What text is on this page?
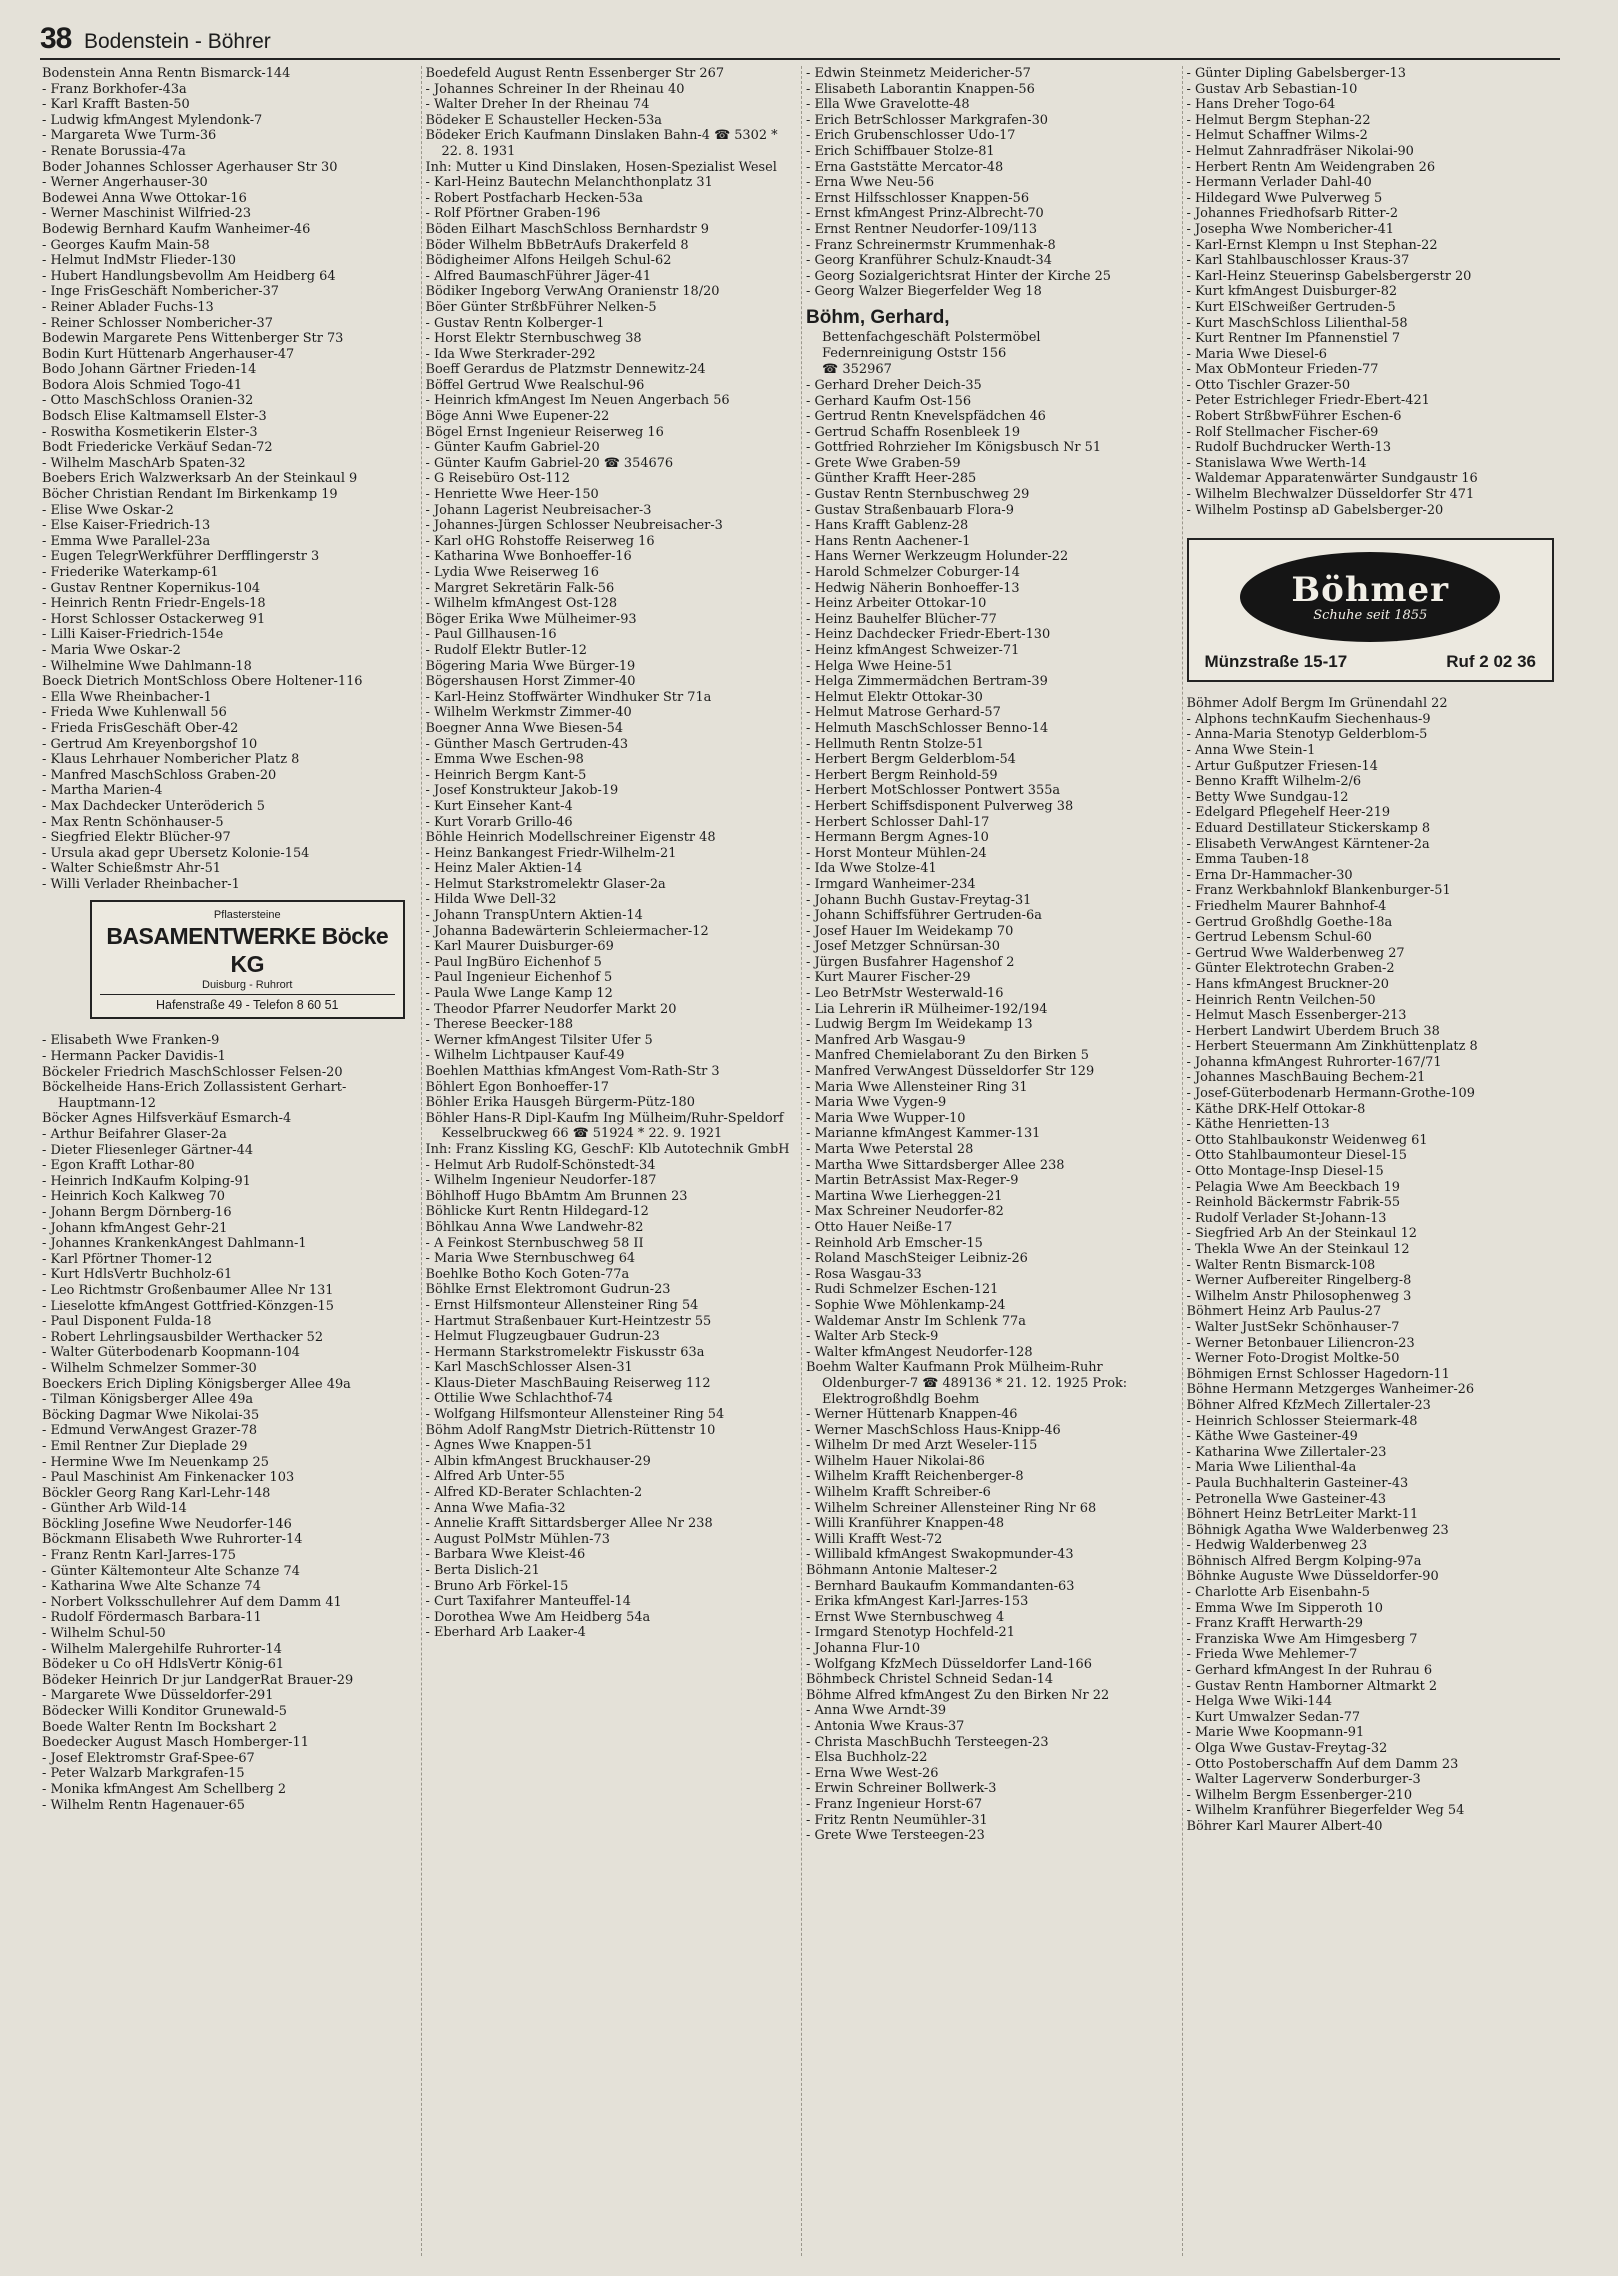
38 Bodenstein - Böhrer
Bodenstein Anna Rentn Bismarck-144
- Franz Borkhofer-43a
- Karl Krafft Basten-50
- Ludwig kfmAngest Mylendonk-7
- Margareta Wwe Turm-36
- Renate Borussia-47a
Boder Johannes Schlosser Agerhauser Str 30
- Werner Angerhauser-30
Bodewei Anna Wwe Ottokar-16
- Werner Maschinist Wilfried-23
Bodewig Bernhard Kaufm Wanheimer-46
- Georges Kaufm Main-58
- Helmut IndMstr Flieder-130
- Hubert Handlungsbevollm Am Heidberg 64
- Inge FrisGeschäft Nombericher-37
- Reiner Ablader Fuchs-13
- Reiner Schlosser Nombericher-37
Bodewin Margarete Pens Wittenberger Str 73
Bodin Kurt Hüttenarb Angerhauser-47
Bodo Johann Gärtner Frieden-14
Bodora Alois Schmied Togo-41
- Otto MaschSchloss Oranien-32
Bodsch Elise Kaltmamsell Elster-3
- Roswitha Kosmetikerin Elster-3
Bodt Friedericke Verkäuf Sedan-72
- Wilhelm MaschArb Spaten-32
Boebers Erich Walzwerksarb An der Steinkaul 9
Böcher Christian Rendant Im Birkenkamp 19
- Elise Wwe Oskar-2
- Else Kaiser-Friedrich-13
- Emma Wwe Parallel-23a
- Eugen TelegrWerkführer Derfflingerstr 3
- Friederike Waterkamp-61
- Gustav Rentner Kopernikus-104
- Heinrich Rentn Friedr-Engels-18
- Horst Schlosser Ostackerweg 91
- Lilli Kaiser-Friedrich-154e
- Maria Wwe Oskar-2
- Wilhelmine Wwe Dahlmann-18
Boeck Dietrich MontSchloss Obere Holtener-116
- Ella Wwe Rheinbacher-1
- Frieda Wwe Kuhlenwall 56
- Frieda FrisGeschäft Ober-42
- Gertrud Am Kreyenborgshof 10
- Klaus Lehrhauer Nombericher Platz 8
- Manfred MaschSchloss Graben-20
- Martha Marien-4
- Max Dachdecker Unteröderich 5
- Max Rentn Schönhauser-5
- Siegfried Elektr Blücher-97
- Ursula akad gepr Übersetz Kolonie-154
- Walter Schießmstr Ahr-51
- Willi Verlader Rheinbacher-1
Pflastersteine
BASAMENTWERKE Böcke KG
Duisburg - Ruhrort
Hafenstraße 49 - Telefon 8 60 51
- Elisabeth Wwe Franken-9
- Hermann Packer Davidis-1
Böckeler Friedrich MaschSchlosser Felsen-20
Böckelheide Hans-Erich Zollassistent Gerhart-Hauptmann-12
Böcker Agnes Hilfsverkäuf Esmarch-4
- Arthur Beifahrer Glaser-2a
- Dieter Fliesenleger Gärtner-44
- Egon Krafft Lothar-80
- Heinrich IndKaufm Kolping-91
- Heinrich Koch Kalkweg 70
- Johann Bergm Dörnberg-16
- Johann kfmAngest Gehr-21
- Johannes KrankenkAngest Dahlmann-1
- Karl Pförtner Thomer-12
- Kurt HdlsVertr Buchholz-61
- Leo Richtmstr Großenbaumer Allee Nr 131
- Lieselotte kfmAngest Gottfried-Könzgen-15
- Paul Disponent Fulda-18
- Robert Lehrlingsausbilder Werthacker 52
- Walter Güterbodenarb Koopmann-104
- Wilhelm Schmelzer Sommer-30
Boeckers Erich Dipling Königsberger Allee 49a
- Tilman Königsberger Allee 49a
Böcking Dagmar Wwe Nikolai-35
- Edmund VerwAngest Grazer-78
- Emil Rentner Zur Dieplade 29
- Hermine Wwe Im Neuenkamp 25
- Paul Maschinist Am Finkenacker 103
Böckler Georg Rang Karl-Lehr-148
- Günther Arb Wild-14
Böckling Josefine Wwe Neudorfer-146
Böckmann Elisabeth Wwe Ruhrorter-14
- Franz Rentn Karl-Jarres-175
- Günter Kältemonteur Alte Schanze 74
- Katharina Wwe Alte Schanze 74
- Norbert Volksschullehrer Auf dem Damm 41
- Rudolf Fördermasch Barbara-11
- Wilhelm Schul-50
- Wilhelm Malergehilfe Ruhrorter-14
Bödeker u Co oH HdlsVertr König-61
Bödeker Heinrich Dr jur LandgerRat Brauer-29
- Margarete Wwe Düsseldorfer-291
Bödecker Willi Konditor Grunewald-5
Boede Walter Rentn Im Bockshart 2
Boedecker August Masch Homberger-11
- Josef Elektromstr Graf-Spee-67
- Peter Walzarb Markgrafen-15
- Monika kfmAngest Am Schellberg 2
- Wilhelm Rentn Hagenauer-65
Boedefeld August Rentn Essenberger Str 267
- Johannes Schreiner In der Rheinau 40
- Walter Dreher In der Rheinau 74
Bödeker E Schausteller Hecken-53a
Bödeker Erich Kaufmann Dinslaken Bahn-4 ☎ 5302 * 22. 8. 1931
Inh: Mutter u Kind Dinslaken, Hosen-Spezialist Wesel
- Karl-Heinz Bautechn Melanchthonplatz 31
- Robert Postfacharb Hecken-53a
- Rolf Pförtner Graben-196
Böden Eilhart MaschSchloss Bernhardstr 9
Böder Wilhelm BbBetrAufs Drakerfeld 8
Bödigheimer Alfons Heilgeh Schul-62
- Alfred BaumaschFührer Jäger-41
Bödiker Ingeborg VerwAng Oranienstr 18/20
Böer Günter StrßbFührer Nelken-5
- Gustav Rentn Kolberger-1
- Horst Elektr Sternbuschweg 38
- Ida Wwe Sterkrader-292
Boeff Gerardus de Platzmstr Dennewitz-24
Böffel Gertrud Wwe Realschul-96
- Heinrich kfmAngest Im Neuen Angerbach 56
Böge Anni Wwe Eupener-22
Bögel Ernst Ingenieur Reiserweg 16
- Günter Kaufm Gabriel-20
- Günter Kaufm Gabriel-20 ☎ 354676
- G Reisebüro Ost-112
- Henriette Wwe Heer-150
- Johann Lagerist Neubreisacher-3
- Johannes-Jürgen Schlosser Neubreisacher-3
- Karl oHG Rohstoffe Reiserweg 16
- Katharina Wwe Bonhoeffer-16
- Lydia Wwe Reiserweg 16
- Margret Sekretärin Falk-56
- Wilhelm kfmAngest Ost-128
Böger Erika Wwe Mülheimer-93
- Paul Gillhausen-16
- Rudolf Elektr Butler-12
Bögering Maria Wwe Bürger-19
Bögershausen Horst Zimmer-40
- Karl-Heinz Stoffwärter Windhuker Str 71a
- Wilhelm Werkmstr Zimmer-40
Boegner Anna Wwe Biesen-54
- Günther Masch Gertruden-43
- Emma Wwe Eschen-98
- Heinrich Bergm Kant-5
- Josef Konstrukteur Jakob-19
- Kurt Einseher Kant-4
- Kurt Vorarb Grillo-46
Böhle Heinrich Modellschreiner Eigenstr 48
- Heinz Bankangest Friedr-Wilhelm-21
- Heinz Maler Aktien-14
- Helmut Starkstromelektr Glaser-2a
- Hilda Wwe Dell-32
- Johann TranspUntern Aktien-14
- Johanna Badewärterin Schleiermacher-12
- Karl Maurer Duisburger-69
- Paul IngBüro Eichenhof 5
- Paul Ingenieur Eichenhof 5
- Paula Wwe Lange Kamp 12
- Theodor Pfarrer Neudorfer Markt 20
- Therese Beecker-188
- Werner kfmAngest Tilsiter Ufer 5
- Wilhelm Lichtpauser Kauf-49
Boehlen Matthias kfmAngest Vom-Rath-Str 3
Böhlert Egon Bonhoeffer-17
Böhler Erika Hausgeh Bürgerm-Pütz-180
Böhler Hans-R Dipl-Kaufm Ing Mülheim/Ruhr-Speldorf Kesselbruckweg 66 ☎ 51924 * 22. 9. 1921
Inh: Franz Kissling KG, GeschF: Klb Autotechnik GmbH
- Helmut Arb Rudolf-Schönstedt-34
- Wilhelm Ingenieur Neudorfer-187
Böhlhoff Hugo BbAmtm Am Brunnen 23
Böhlicke Kurt Rentn Hildegard-12
Böhlkau Anna Wwe Landwehr-82
- A Feinkost Sternbuschweg 58 II
- Maria Wwe Sternbuschweg 64
Boehlke Botho Koch Goten-77a
Böhlke Ernst Elektromont Gudrun-23
- Ernst Hilfsmonteur Allensteiner Ring 54
- Hartmut Straßenbauer Kurt-Heintzestr 55
- Helmut Flugzeugbauer Gudrun-23
- Hermann Starkstromelektr Fiskusstr 63a
- Karl MaschSchlosser Alsen-31
- Klaus-Dieter MaschBauing Reiserweg 112
- Ottilie Wwe Schlachthof-74
- Wolfgang Hilfsmonteur Allensteiner Ring 54
Böhm Adolf RangMstr Dietrich-Rüttenstr 10
- Agnes Wwe Knappen-51
- Albin kfmAngest Bruckhauser-29
- Alfred Arb Unter-55
- Alfred KD-Berater Schlachten-2
- Anna Wwe Mafia-32
- Annelie Krafft Sittardsberger Allee Nr 238
- August PolMstr Mühlen-73
- Barbara Wwe Kleist-46
- Berta Dislich-21
- Bruno Arb Förkel-15
- Curt Taxifahrer Manteuffel-14
- Dorothea Wwe Am Heidberg 54a
- Eberhard Arb Laaker-4
- Edwin Steinmetz Meidericher-57
- Elisabeth Laborantin Knappen-56
- Ella Wwe Gravelotte-48
- Erich BetrSchlosser Markgrafen-30
- Erich Grubenschlosser Udo-17
- Erich Schiffbauer Stolze-81
- Erna Gaststätte Mercator-48
- Erna Wwe Neu-56
- Ernst Hilfsschlosser Knappen-56
- Ernst kfmAngest Prinz-Albrecht-70
- Ernst Rentner Neudorfer-109/113
- Franz Schreinermstr Krummenhak-8
- Georg Kranführer Schulz-Knaudt-34
- Georg Sozialgerichtsrat Hinter der Kirche 25
- Georg Walzer Biegerfelder Weg 18
Böhm, Gerhard,
Bettenfachgeschäft Polstermöbel
Federnreinigung Oststr 156
☎ 352967
- Gerhard Dreher Deich-35
- Gerhard Kaufm Ost-156
- Gertrud Rentn Knevelspfädchen 46
- Gertrud Schaffn Rosenbleek 19
- Gottfried Rohrzieher Im Königsbusch Nr 51
- Grete Wwe Graben-59
- Günther Krafft Heer-285
- Gustav Rentn Sternbuschweg 29
- Gustav Straßenbauarb Flora-9
- Hans Krafft Gablenz-28
- Hans Rentn Aachener-1
- Hans Werner Werkzeugm Holunder-22
- Harold Schmelzer Coburger-14
- Hedwig Näherin Bonhoeffer-13
- Heinz Arbeiter Ottokar-10
- Heinz Bauhelfer Blücher-77
- Heinz Dachdecker Friedr-Ebert-130
- Heinz kfmAngest Schweizer-71
- Helga Wwe Heine-51
- Helga Zimmermädchen Bertram-39
- Helmut Elektr Ottokar-30
- Helmut Matrose Gerhard-57
- Helmuth MaschSchlosser Benno-14
- Hellmuth Rentn Stolze-51
- Herbert Bergm Gelderblom-54
- Herbert Bergm Reinhold-59
- Herbert MotSchlosser Pontwert 355a
- Herbert Schiffsdisponent Pulverweg 38
- Herbert Schlosser Dahl-17
- Hermann Bergm Agnes-10
- Horst Monteur Mühlen-24
- Ida Wwe Stolze-41
- Irmgard Wanheimer-234
- Johann Buchh Gustav-Freytag-31
- Johann Schiffsführer Gertruden-6a
- Josef Hauer Im Weidekamp 70
- Josef Metzger Schnürsan-30
- Jürgen Busfahrer Hagenshof 2
- Kurt Maurer Fischer-29
- Leo BetrMstr Westerwald-16
- Lia Lehrerin iR Mülheimer-192/194
- Ludwig Bergm Im Weidekamp 13
- Manfred Arb Wasgau-9
- Manfred Chemielaborant Zu den Birken 5
- Manfred VerwAngest Düsseldorfer Str 129
- Maria Wwe Allensteiner Ring 31
- Maria Wwe Vygen-9
- Maria Wwe Wupper-10
- Marianne kfmAngest Kammer-131
- Marta Wwe Peterstal 28
- Martha Wwe Sittardsberger Allee 238
- Martin BetrAssist Max-Reger-9
- Martina Wwe Lierheggen-21
- Max Schreiner Neudorfer-82
- Otto Hauer Neiße-17
- Reinhold Arb Emscher-15
- Roland MaschSteiger Leibniz-26
- Rosa Wasgau-33
- Rudi Schmelzer Eschen-121
- Sophie Wwe Möhlenkamp-24
- Waldemar Anstr Im Schlenk 77a
- Walter Arb Steck-9
- Walter kfmAngest Neudorfer-128
Boehm Walter Kaufmann Prok Mülheim-Ruhr Oldenburger-7 ☎ 489136 * 21. 12. 1925 Prok: Elektrogroßhdlg Boehm
- Werner Hüttenarb Knappen-46
- Werner MaschSchloss Haus-Knipp-46
- Wilhelm Dr med Arzt Weseler-115
- Wilhelm Hauer Nikolai-86
- Wilhelm Krafft Reichenberger-8
- Wilhelm Krafft Schreiber-6
- Wilhelm Schreiner Allensteiner Ring Nr 68
- Willi Kranführer Knappen-48
- Willi Krafft West-72
- Willibald kfmAngest Swakopmunder-43
Böhmann Antonie Malteser-2
- Bernhard Baukaufm Kommandanten-63
- Erika kfmAngest Karl-Jarres-153
- Ernst Wwe Sternbuschweg 4
- Irmgard Stenotyp Hochfeld-21
- Johanna Flur-10
- Wolfgang KfzMech Düsseldorfer Land-166
Böhmbeck Christel Schneid Sedan-14
Böhme Alfred kfmAngest Zu den Birken Nr 22
- Anna Wwe Arndt-39
- Antonia Wwe Kraus-37
- Christa MaschBuchh Tersteegen-23
- Elsa Buchholz-22
- Erna Wwe West-26
- Erwin Schreiner Bollwerk-3
- Franz Ingenieur Horst-67
- Fritz Rentn Neumühler-31
- Grete Wwe Tersteegen-23
- Günter Dipling Gabelsberger-13
- Gustav Arb Sebastian-10
- Hans Dreher Togo-64
- Helmut Bergm Stephan-22
- Helmut Schaffner Wilms-2
- Helmut Zahnradfräser Nikolai-90
- Herbert Rentn Am Weidengraben 26
- Hermann Verlader Dahl-40
- Hildegard Wwe Pulverweg 5
- Johannes Friedhofsarb Ritter-2
- Josepha Wwe Nombericher-41
- Karl-Ernst Klempn u Inst Stephan-22
- Karl Stahlbauschlosser Kraus-37
- Karl-Heinz Steuerinsp Gabelsbergerstr 20
- Kurt kfmAngest Duisburger-82
- Kurt ElSchweißer Gertruden-5
- Kurt MaschSchloss Lilienthal-58
- Kurt Rentner Im Pfannenstiel 7
- Maria Wwe Diesel-6
- Max ObMonteur Frieden-77
- Otto Tischler Grazer-50
- Peter Estrichleger Friedr-Ebert-421
- Robert StrßbwFührer Eschen-6
- Rolf Stellmacher Fischer-69
- Rudolf Buchdrucker Werth-13
- Stanislawa Wwe Werth-14
- Waldemar Apparatenwärter Sundgaustr 16
- Wilhelm Blechwalzer Düsseldorfer Str 471
- Wilhelm Postinsp aD Gabelsberger-20
Böhmer
Schuhe seit 1855
Münzstraße 15-17	Ruf 2 02 36
Böhmer Adolf Bergm Im Grünendahl 22
- Alphons technKaufm Siechenhaus-9
- Anna-Maria Stenotyp Gelderblom-5
- Anna Wwe Stein-1
- Artur Gußputzer Friesen-14
- Benno Krafft Wilhelm-2/6
- Betty Wwe Sundgau-12
- Edelgard Pflegehelf Heer-219
- Eduard Destillateur Stickerskamp 8
- Elisabeth VerwAngest Kärntener-2a
- Emma Tauben-18
- Erna Dr-Hammacher-30
- Franz Werkbahnlokf Blankenburger-51
- Friedhelm Maurer Bahnhof-4
- Gertrud Großhdlg Goethe-18a
- Gertrud Lebensm Schul-60
- Gertrud Wwe Walderbenweg 27
- Günter Elektrotechn Graben-2
- Hans kfmAngest Bruckner-20
- Heinrich Rentn Veilchen-50
- Helmut Masch Essenberger-213
- Herbert Landwirt Überdem Bruch 38
- Herbert Steuermann Am Zinkhüttenplatz 8
- Johanna kfmAngest Ruhrorter-167/71
- Johannes MaschBauing Bechem-21
- Josef-Güterbodenarb Hermann-Grothe-109
- Käthe DRK-Helf Ottokar-8
- Käthe Henrietten-13
- Otto Stahlbaukonstr Weidenweg 61
- Otto Stahlbaumonteur Diesel-15
- Otto Montage-Insp Diesel-15
- Pelagia Wwe Am Beeckbach 19
- Reinhold Bäckermstr Fabrik-55
- Rudolf Verlader St-Johann-13
- Siegfried Arb An der Steinkaul 12
- Thekla Wwe An der Steinkaul 12
- Walter Rentn Bismarck-108
- Werner Aufbereiter Ringelberg-8
- Wilhelm Anstr Philosophenweg 3
Böhmert Heinz Arb Paulus-27
- Walter JustSekr Schönhauser-7
- Werner Betonbauer Liliencron-23
- Werner Foto-Drogist Moltke-50
Böhmigen Ernst Schlosser Hagedorn-11
Böhne Hermann Metzgerges Wanheimer-26
Böhner Alfred KfzMech Zillertaler-23
- Heinrich Schlosser Steiermark-48
- Käthe Wwe Gasteiner-49
- Katharina Wwe Zillertaler-23
- Maria Wwe Lilienthal-4a
- Paula Buchhalterin Gasteiner-43
- Petronella Wwe Gasteiner-43
Böhnert Heinz BetrLeiter Markt-11
Böhnigk Agatha Wwe Walderbenweg 23
- Hedwig Walderbenweg 23
Böhnisch Alfred Bergm Kolping-97a
Böhnke Auguste Wwe Düsseldorfer-90
- Charlotte Arb Eisenbahn-5
- Emma Wwe Im Sipperoth 10
- Franz Krafft Herwarth-29
- Franziska Wwe Am Himgesberg 7
- Frieda Wwe Mehlemer-7
- Gerhard kfmAngest In der Ruhrau 6
- Gustav Rentn Hamborner Altmarkt 2
- Helga Wwe Wiki-144
- Kurt Umwalzer Sedan-77
- Marie Wwe Koopmann-91
- Olga Wwe Gustav-Freytag-32
- Otto Postoberschaffn Auf dem Damm 23
- Walter Lagerverw Sonderburger-3
- Wilhelm Bergm Essenberger-210
- Wilhelm Kranführer Biegerfelder Weg 54
Böhrer Karl Maurer Albert-40
